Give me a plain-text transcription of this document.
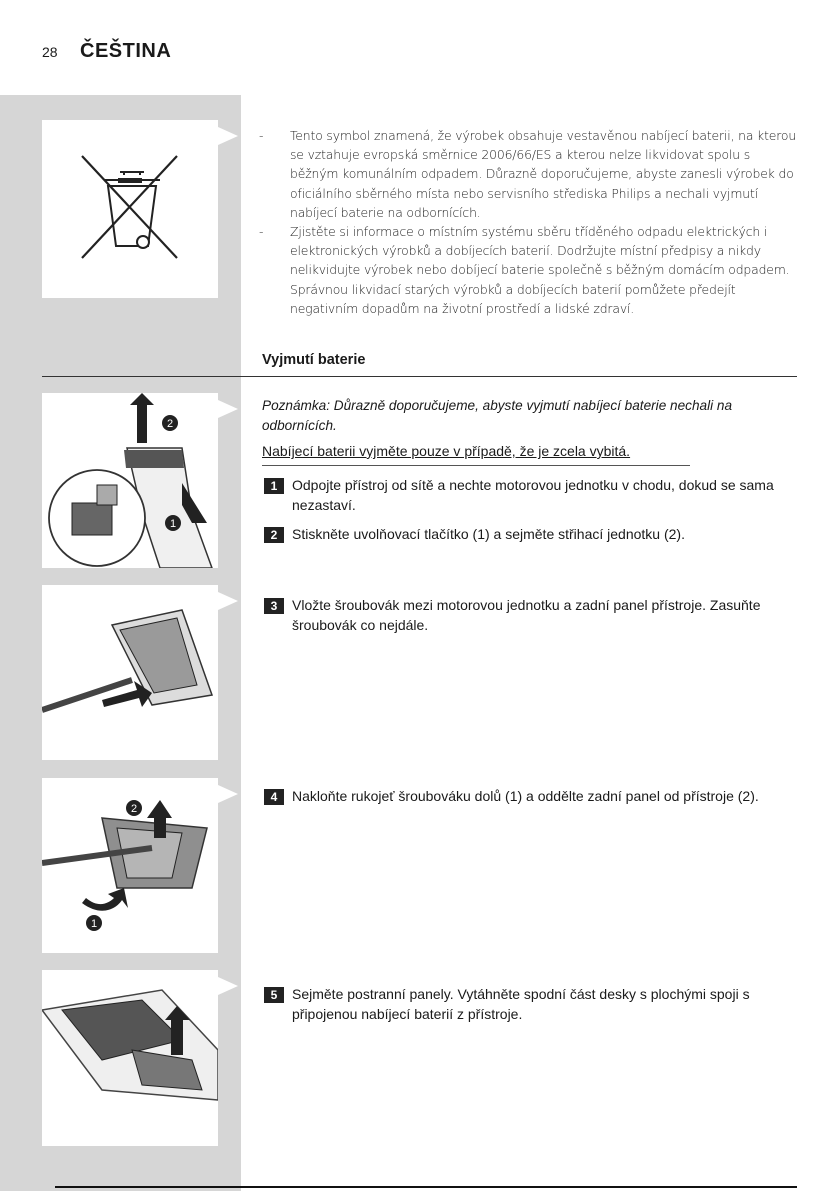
28 ČEŠTINA

- Tento symbol znamená, že výrobek obsahuje vestavěnou nabíjecí baterii, na kterou se vztahuje evropská směrnice 2006/66/ES a kterou nelze likvidovat spolu s běžným komunálním odpadem. Důrazně doporučujeme, abyste zanesli výrobek do oficiálního sběrného místa nebo servisního střediska Philips a nechali vyjmutí nabíjecí baterie na odbornících.

- Zjistěte si informace o místním systému sběru tříděného odpadu elektrických i elektronických výrobků a dobíjecích baterií. Dodržujte místní předpisy a nikdy nelikvidujte výrobek nebo dobíjecí baterie společně s běžným domácím odpadem. Správnou likvidací starých výrobků a dobíjecích baterií pomůžete předejít negativním dopadům na životní prostředí a lidské zdraví.

Vyjmutí baterie
2
1
Poznámka: Důrazně doporučujeme, abyste vyjmutí nabíjecí baterie nechali na odbornících.
Nabíjecí baterii vyjměte pouze v případě, že je zcela vybitá.
1	Odpojte přístroj od sítě a nechte motorovou jednotku v chodu, dokud se sama nezastaví.
2	Stiskněte uvolňovací tlačítko (1) a sejměte střihací jednotku (2).
3	Vložte šroubovák mezi motorovou jednotku a zadní panel přístroje. Zasuňte šroubovák co nejdále.
2
1
4	Nakloňte rukojeť šroubováku dolů (1) a oddělte zadní panel od přístroje (2).
5	Sejměte postranní panely. Vytáhněte spodní část desky s plochými spoji s připojenou nabíjecí baterií z přístroje.
